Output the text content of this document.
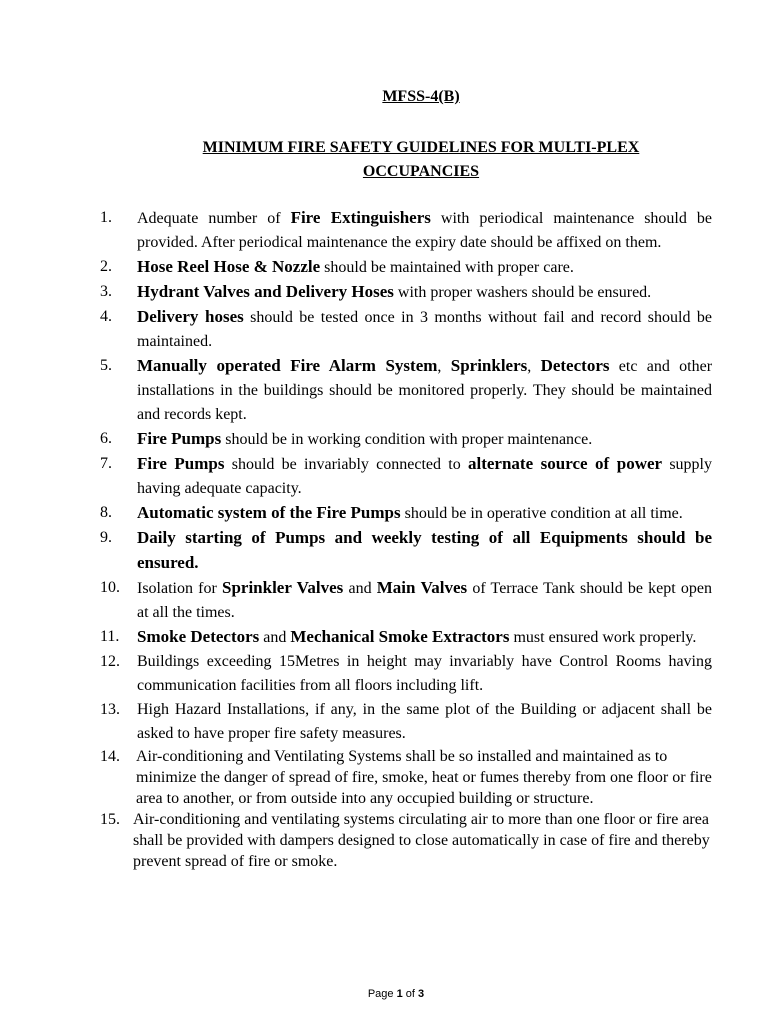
MFSS-4(B)
MINIMUM FIRE SAFETY GUIDELINES FOR MULTI-PLEX OCCUPANCIES
1. Adequate number of Fire Extinguishers with periodical maintenance should be provided. After periodical maintenance the expiry date should be affixed on them.
2. Hose Reel Hose & Nozzle should be maintained with proper care.
3. Hydrant Valves and Delivery Hoses with proper washers should be ensured.
4. Delivery hoses should be tested once in 3 months without fail and record should be maintained.
5. Manually operated Fire Alarm System, Sprinklers, Detectors etc and other installations in the buildings should be monitored properly. They should be maintained and records kept.
6. Fire Pumps should be in working condition with proper maintenance.
7. Fire Pumps should be invariably connected to alternate source of power supply having adequate capacity.
8. Automatic system of the Fire Pumps should be in operative condition at all time.
9. Daily starting of Pumps and weekly testing of all Equipments should be ensured.
10. Isolation for Sprinkler Valves and Main Valves of Terrace Tank should be kept open at all the times.
11. Smoke Detectors and Mechanical Smoke Extractors must ensured work properly.
12. Buildings exceeding 15Metres in height may invariably have Control Rooms having communication facilities from all floors including lift.
13. High Hazard Installations, if any, in the same plot of the Building or adjacent shall be asked to have proper fire safety measures.
14. Air-conditioning and Ventilating Systems shall be so installed and maintained as to minimize the danger of spread of fire, smoke, heat or fumes thereby from one floor or fire area to another, or from outside into any occupied building or structure.
15. Air-conditioning and ventilating systems circulating air to more than one floor or fire area shall be provided with dampers designed to close automatically in case of fire and thereby prevent spread of fire or smoke.
Page 1 of 3
